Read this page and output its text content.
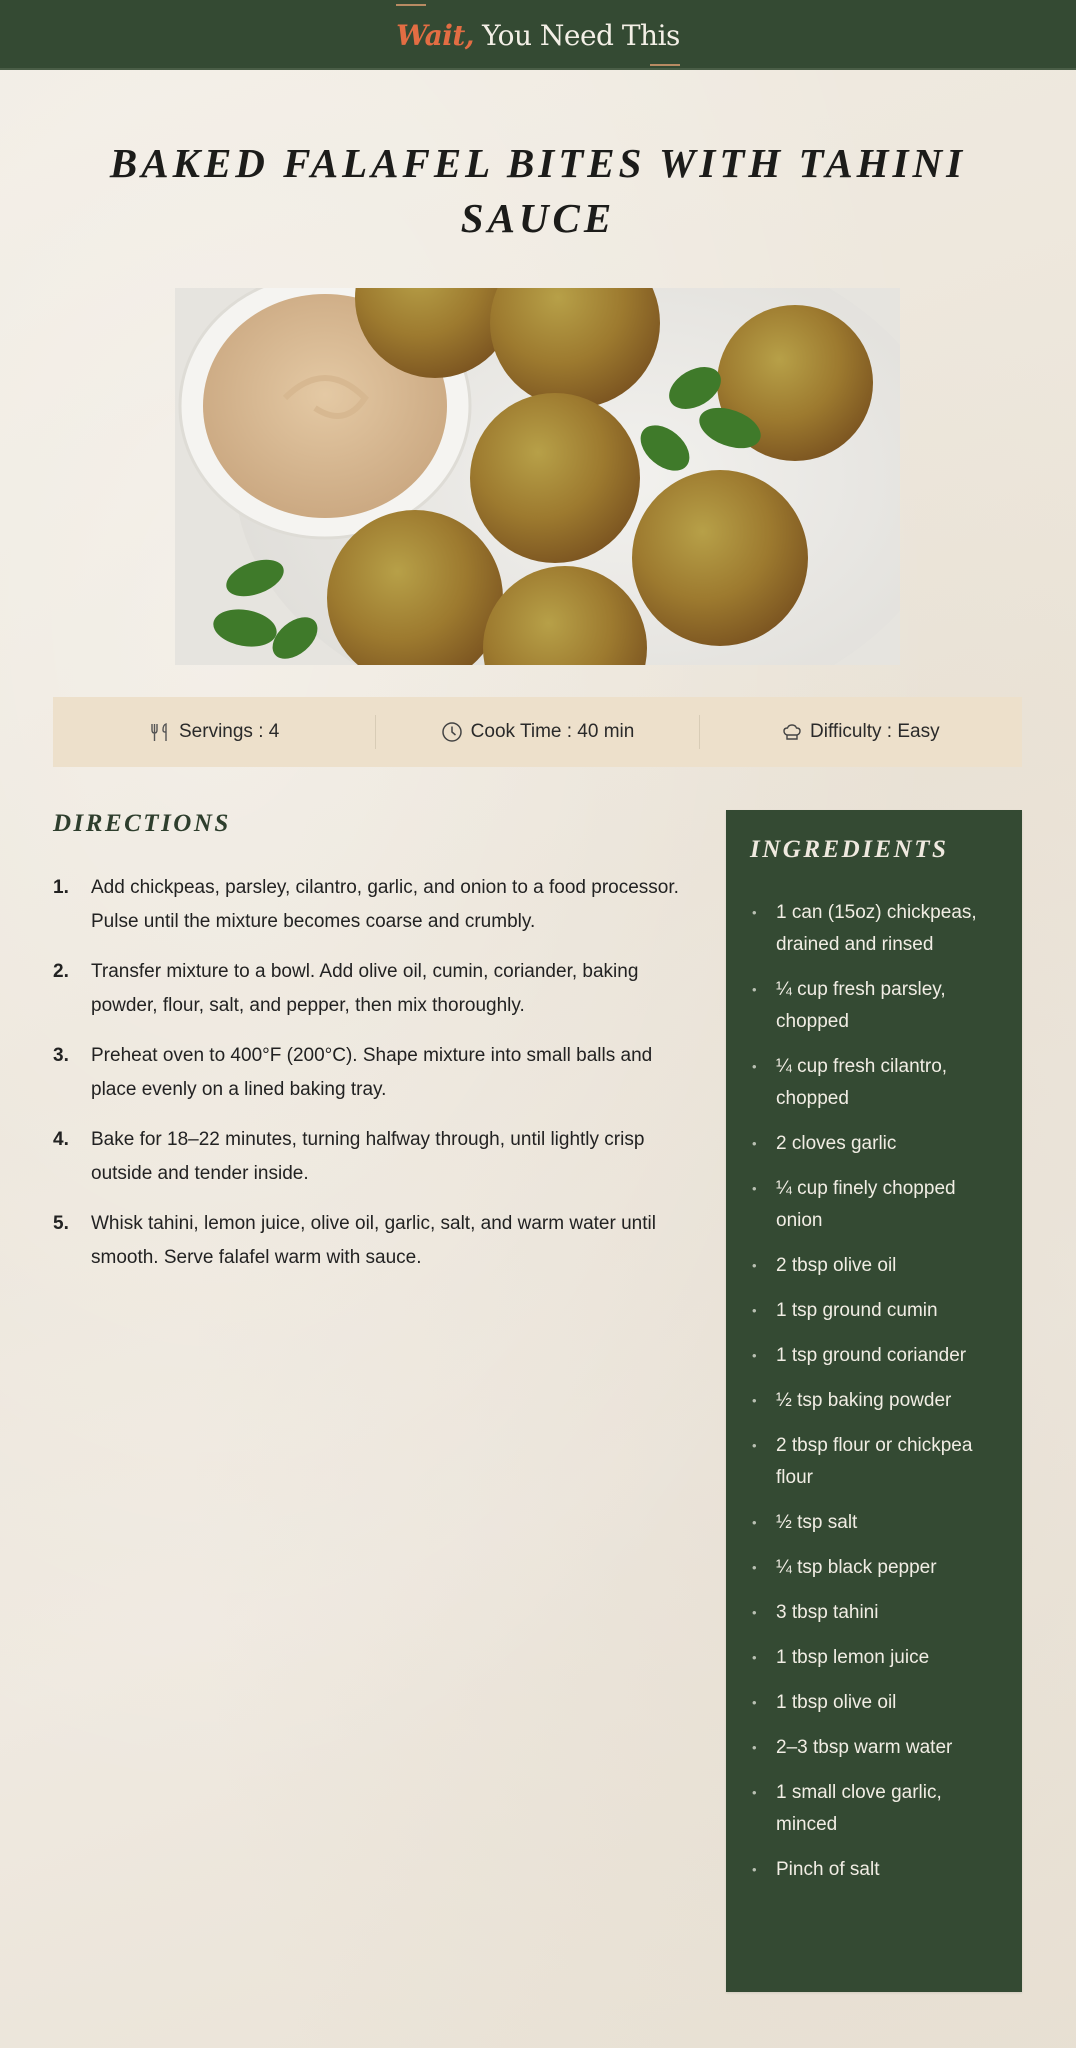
Wait, You Need This
BAKED FALAFEL BITES WITH TAHINI SAUCE
Servings : 4	Cook Time : 40 min	Difficulty : Easy
DIRECTIONS
1.	Add chickpeas, parsley, cilantro, garlic, and onion to a food processor. Pulse until the mixture becomes coarse and crumbly.
2.	Transfer mixture to a bowl. Add olive oil, cumin, coriander, baking powder, flour, salt, and pepper, then mix thoroughly.
3.	Preheat oven to 400°F (200°C). Shape mixture into small balls and place evenly on a lined baking tray.
4.	Bake for 18–22 minutes, turning halfway through, until lightly crisp outside and tender inside.
5.	Whisk tahini, lemon juice, olive oil, garlic, salt, and warm water until smooth. Serve falafel warm with sauce.
INGREDIENTS
•	1 can (15oz) chickpeas, drained and rinsed
•	¼ cup fresh parsley, chopped
•	¼ cup fresh cilantro, chopped
•	2 cloves garlic
•	¼ cup finely chopped onion
•	2 tbsp olive oil
•	1 tsp ground cumin
•	1 tsp ground coriander
•	½ tsp baking powder
•	2 tbsp flour or chickpea flour
•	½ tsp salt
•	¼ tsp black pepper
•	3 tbsp tahini
•	1 tbsp lemon juice
•	1 tbsp olive oil
•	2–3 tbsp warm water
•	1 small clove garlic, minced
•	Pinch of salt
